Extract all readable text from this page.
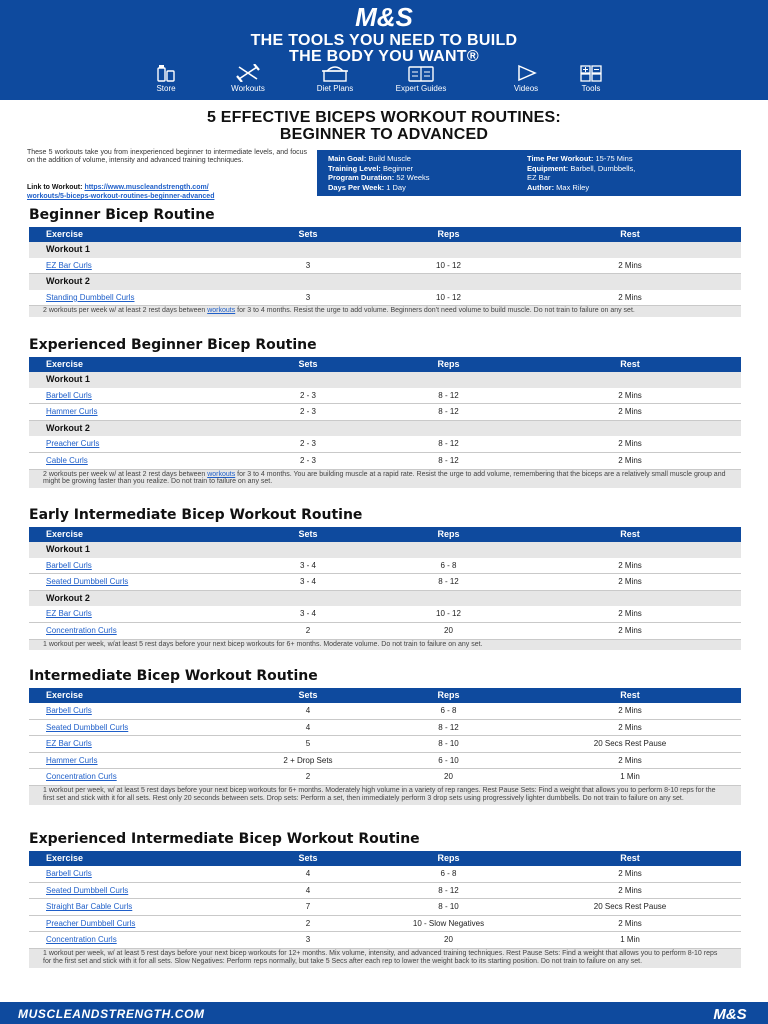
M&S
THE TOOLS YOU NEED TO BUILD
THE BODY YOU WANT®
Store	Workouts	Diet Plans	Expert Guides	Videos	Tools
5 EFFECTIVE BICEPS WORKOUT ROUTINES:
BEGINNER TO ADVANCED
These 5 workouts take you from inexperienced beginner to intermediate levels, and focus on the addition of volume, intensity and advanced training techniques.
Link to Workout: https://www.muscleandstrength.com/
workouts/5-biceps-workout-routines-beginner-advanced
Main Goal: Build Muscle
Training Level: Beginner
Program Duration: 52 Weeks
Days Per Week: 1 Day
Time Per Workout: 15-75 Mins
Equipment: Barbell, Dumbbells,
EZ Bar
Author: Max Riley
Beginner Bicep Routine
Exercise	Sets	Reps	Rest
Workout 1			
EZ Bar Curls	3	10 - 12	2 Mins
Workout 2			
Standing Dumbbell Curls	3	10 - 12	2 Mins
2 workouts per week w/ at least 2 rest days between workouts for 3 to 4 months. Resist the urge to add volume. Beginners don’t need volume to build muscle. Do not train to failure on any set.
Experienced Beginner Bicep Routine
Exercise	Sets	Reps	Rest
Workout 1			
Barbell Curls	2 - 3	8 - 12	2 Mins
Hammer Curls	2 - 3	8 - 12	2 Mins
Workout 2			
Preacher Curls	2 - 3	8 - 12	2 Mins
Cable Curls	2 - 3	8 - 12	2 Mins
2 workouts per week w/ at least 2 rest days between workouts for 3 to 4 months. You are building muscle at a rapid rate. Resist the urge to add volume, remembering that the biceps are a relatively small muscle group and might be growing faster than you realize. Do not train to failure on any set.
Early Intermediate Bicep Workout Routine
Exercise	Sets	Reps	Rest
Workout 1			
Barbell Curls	3 - 4	6 - 8	2 Mins
Seated Dumbbell Curls	3 - 4	8 - 12	2 Mins
Workout 2			
EZ Bar Curls	3 - 4	10 - 12	2 Mins
Concentration Curls	2	20	2 Mins
1 workout per week, w/at least 5 rest days before your next bicep workouts for 6+ months. Moderate volume. Do not train to failure on any set.
Intermediate Bicep Workout Routine
Exercise	Sets	Reps	Rest
Barbell Curls	4	6 - 8	2 Mins
Seated Dumbbell Curls	4	8 - 12	2 Mins
EZ Bar Curls	5	8 - 10	20 Secs Rest Pause
Hammer Curls	2 + Drop Sets	6 - 10	2 Mins
Concentration Curls	2	20	1 Min
1 workout per week, w/ at least 5 rest days before your next bicep workouts for 6+ months. Moderately high volume in a variety of rep ranges. Rest Pause Sets: Find a weight that allows you to perform 8-10 reps for the first set and stick with it for all sets. Rest only 20 seconds between sets. Drop sets: Perform a set, then immediately perform 3 drop sets using progressively lighter dumbbells. Do not train to failure on any set.
Experienced Intermediate Bicep Workout Routine
Exercise	Sets	Reps	Rest
Barbell Curls	4	6 - 8	2 Mins
Seated Dumbbell Curls	4	8 - 12	2 Mins
Straight Bar Cable Curls	7	8 - 10	20 Secs Rest Pause
Preacher Dumbbell Curls	2	10 - Slow Negatives	2 Mins
Concentration Curls	3	20	1 Min
1 workout per week, w/ at least 5 rest days before your next bicep workouts for 12+ months. Mix volume, intensity, and advanced training techniques. Rest Pause Sets: Find a weight that allows you to perform 8-10 reps for the first set and stick with it for all sets. Slow Negatives: Perform reps normally, but take 5 Secs after each rep to lower the weight back to its starting position. Do not train to failure on any set.
MUSCLEANDSTRENGTH.COM	M&S
